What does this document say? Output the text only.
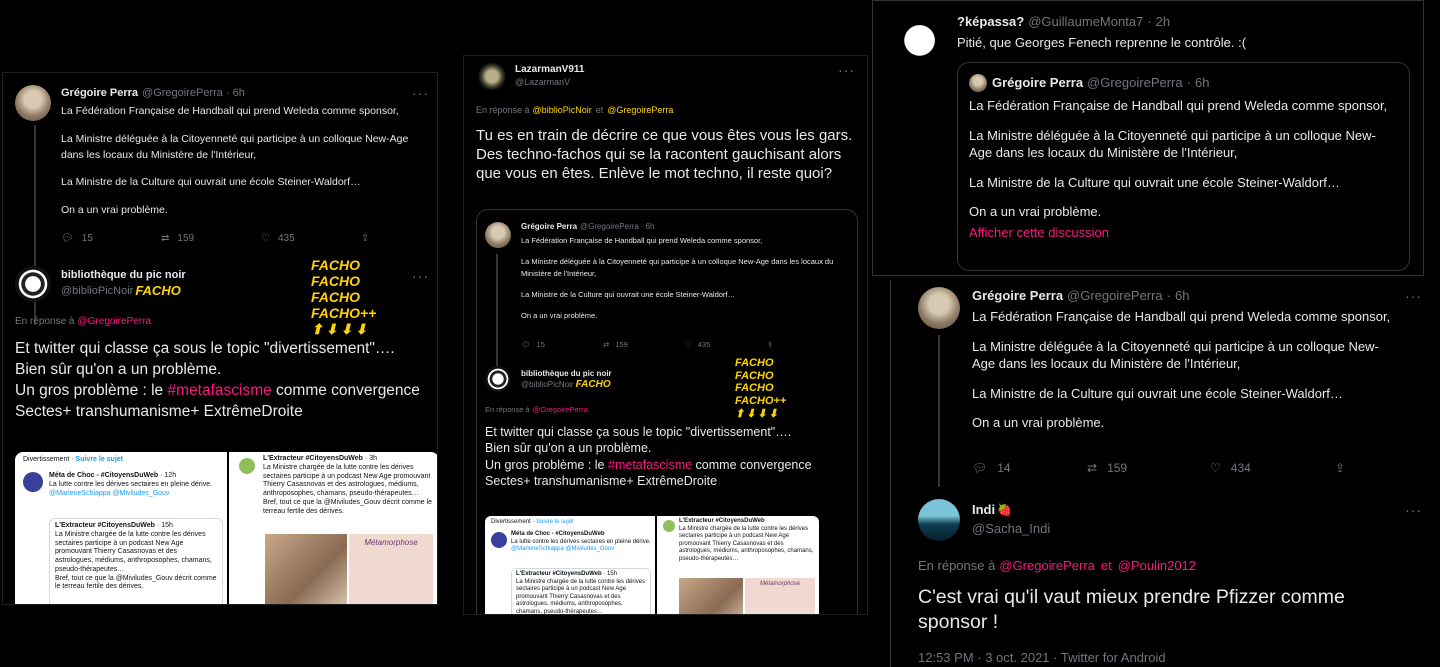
Grégoire Perra @GregoirePerra · 6h	···
La Fédération Française de Handball qui prend Weleda comme sponsor,
La Ministre déléguée à la Citoyenneté qui participe à un colloque New-Age dans les locaux du Ministère de l'Intérieur,
La Ministre de la Culture qui ouvrait une école Steiner-Waldorf…
On a un vrai problème.
💬︎ 15	⇄ 159	♡ 435	⇪
bibliothèque du pic noir
@biblioPicNoir FACHO
FACHO
FACHO
FACHO
FACHO++
⬆⬇⬇⬇
···
En réponse à @GregoirePerra
Et twitter qui classe ça sous le topic "divertissement"….
Bien sûr qu'on a un problème.
Un gros problème : le #metafascisme comme convergence Sectes+ transhumanisme+ ExtrêmeDroite
Divertissement · Suivre le sujet
Méta de Choc - #CitoyensDuWeb · 12h
La lutte contre les dérives sectaires en pleine dérive.
@MarleneSchiappa @Miviludes_Gouv
L'Extracteur #CitoyensDuWeb · 15h
La Ministre chargée de la lutte contre les dérives sectaires participe à un podcast New Age promouvant Thierry Casasnovas et des astrologues, médiums, anthroposophes, chamans, pseudo-thérapeutes…
Bref, tout ce que la @Miviludes_Gouv décrit comme le terreau fertile des dérives.
L'Extracteur #CitoyensDuWeb · 3h
La Ministre chargée de la lutte contre les dérives sectaires participe à un podcast New Age promouvant Thierry Casasnovas et des astrologues, médiums, anthroposophes, chamans, pseudo-thérapeutes…
Bref, tout ce que la @Miviludes_Gouv décrit comme le terreau fertile des dérives.
Métamorphose
LazarmanV911
@LazarmanV
···
En réponse à @biblioPicNoir et @GregoirePerra
Tu es en train de décrire ce que vous êtes vous les gars.
Des techno-fachos qui se la racontent gauchisant alors que vous en êtes. Enlève le mot techno, il reste quoi?
Grégoire Perra @GregoirePerra · 6h
La Fédération Française de Handball qui prend Weleda comme sponsor,
La Ministre déléguée à la Citoyenneté qui participe à un colloque New-Age dans les locaux du Ministère de l'Intérieur,
La Ministre de la Culture qui ouvrait une école Steiner-Waldorf…
On a un vrai problème.
💬︎ 15	⇄ 159	♡ 435	⇪
bibliothèque du pic noir
@biblioPicNoir FACHO
FACHO
FACHO
FACHO
FACHO++
⬆⬇⬇⬇
En réponse à @GregoirePerra
Et twitter qui classe ça sous le topic "divertissement"….
Bien sûr qu'on a un problème.
Un gros problème : le #metafascisme comme convergence Sectes+ transhumanisme+ ExtrêmeDroite
Divertissement · Suivre le sujet
Méta de Choc - #CitoyensDuWeb
La lutte contre les dérives sectaires en pleine dérive.
@MarleneSchiappa @Miviludes_Gouv
L'Extracteur #CitoyensDuWeb · 15h
La Ministre chargée de la lutte contre les dérives sectaires participe à un podcast New Age promouvant Thierry Casasnovas et des astrologues, médiums, anthroposophes, chamans, pseudo-thérapeutes…
L'Extracteur #CitoyensDuWeb
La Ministre chargée de la lutte contre les dérives sectaires participe à un podcast New Age promouvant Thierry Casasnovas et des astrologues, médiums, anthroposophes, chamans, pseudo-thérapeutes…
Métamorphose
?képassa? @GuillaumeMonta7 · 2h
Pitié, que Georges Fenech reprenne le contrôle. :(
Grégoire Perra @GregoirePerra · 6h
La Fédération Française de Handball qui prend Weleda comme sponsor,
La Ministre déléguée à la Citoyenneté qui participe à un colloque New-
Age dans les locaux du Ministère de l'Intérieur,
La Ministre de la Culture qui ouvrait une école Steiner-Waldorf…
On a un vrai problème.
Afficher cette discussion
Grégoire Perra @GregoirePerra · 6h	···
La Fédération Française de Handball qui prend Weleda comme sponsor,
La Ministre déléguée à la Citoyenneté qui participe à un colloque New-
Age dans les locaux du Ministère de l'Intérieur,
La Ministre de la Culture qui ouvrait une école Steiner-Waldorf…
On a un vrai problème.
💬︎ 14	⇄ 159	♡ 434	⇪
Indi 🍓
@Sacha_Indi
···
En réponse à @GregoirePerra et @Poulin2012
C'est vrai qu'il vaut mieux prendre Pfizzer comme sponsor !
12:53 PM · 3 oct. 2021 · Twitter for Android
